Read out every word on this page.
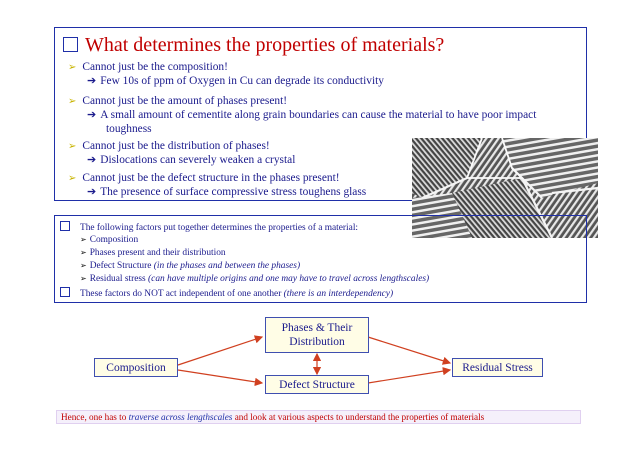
What determines the properties of materials?
➢ Cannot just be the composition!
➔ Few 10s of ppm of Oxygen in Cu can degrade its conductivity
➢ Cannot just be the amount of phases present!
➔ A small amount of cementite along grain boundaries can cause the material to have poor impact
toughness
➢ Cannot just be the distribution of phases!
➔ Dislocations can severely weaken a crystal
➢ Cannot just be the defect structure in the phases present!
➔ The presence of surface compressive stress toughens glass
The following factors put together determines the properties of a material:
➢ Composition
➢ Phases present and their distribution
➢ Defect Structure (in the phases and between the phases)
➢ Residual stress (can have multiple origins and one may have to travel across lengthscales)
These factors do NOT act independent of one another (there is an interdependency)
Composition
Phases & Their
Distribution
Defect Structure
Residual Stress
Hence, one has to traverse across lengthscales and look at various aspects to understand the properties of materials
